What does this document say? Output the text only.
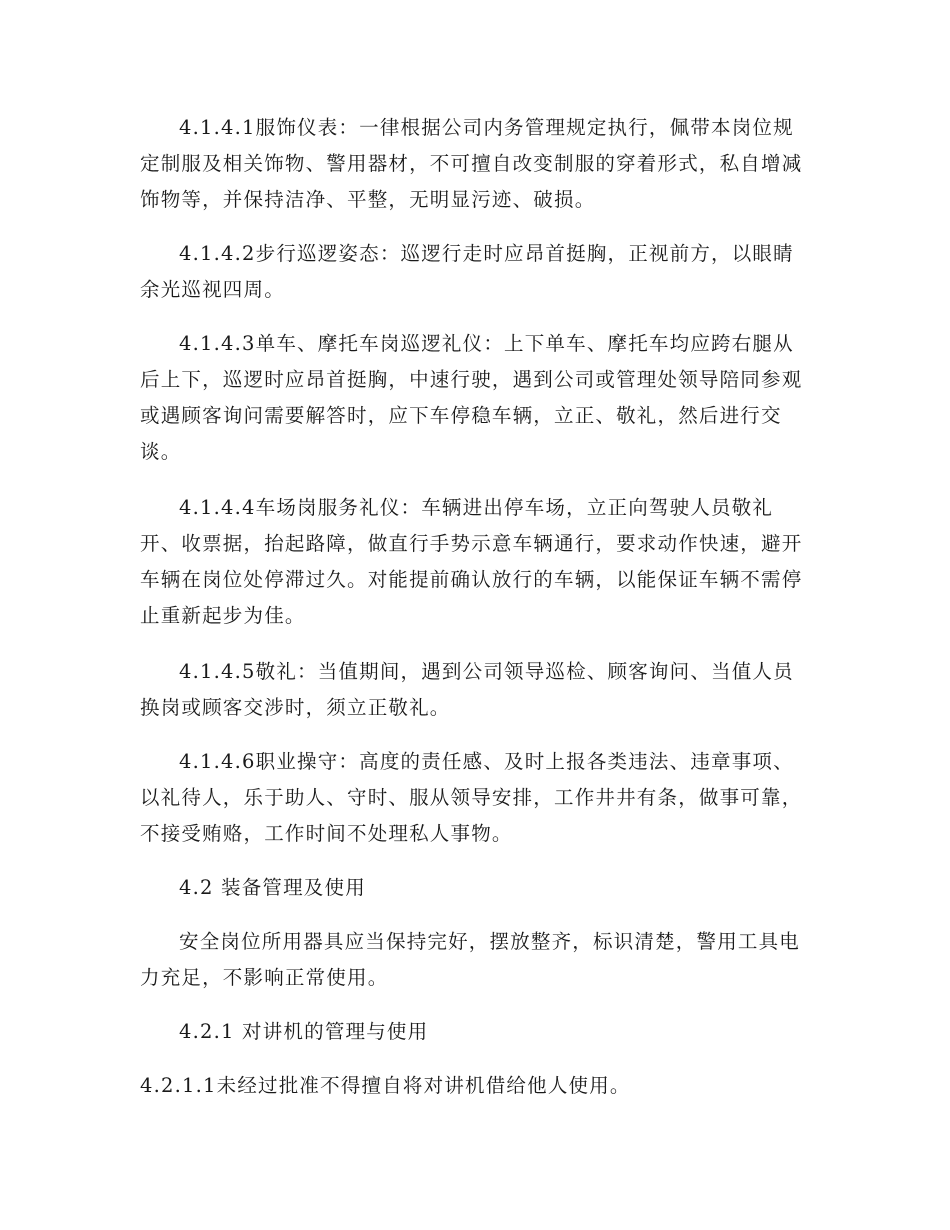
4.1.4.1服饰仪表：一律根据公司内务管理规定执行，佩带本岗位规定制服及相关饰物、警用器材，不可擅自改变制服的穿着形式，私自增减饰物等，并保持洁净、平整，无明显污迹、破损。

4.1.4.2步行巡逻姿态：巡逻行走时应昂首挺胸，正视前方，以眼睛余光巡视四周。

4.1.4.3单车、摩托车岗巡逻礼仪：上下单车、摩托车均应跨右腿从后上下，巡逻时应昂首挺胸，中速行驶，遇到公司或管理处领导陪同参观或遇顾客询问需要解答时，应下车停稳车辆，立正、敬礼，然后进行交谈。

4.1.4.4车场岗服务礼仪：车辆进出停车场，立正向驾驶人员敬礼开、收票据，抬起路障，做直行手势示意车辆通行，要求动作快速，避开车辆在岗位处停滞过久。对能提前确认放行的车辆，以能保证车辆不需停止重新起步为佳。

4.1.4.5敬礼：当值期间，遇到公司领导巡检、顾客询问、当值人员换岗或顾客交涉时，须立正敬礼。

4.1.4.6职业操守：高度的责任感、及时上报各类违法、违章事项、以礼待人，乐于助人、守时、服从领导安排，工作井井有条，做事可靠，不接受贿赂，工作时间不处理私人事物。

4.2 装备管理及使用

安全岗位所用器具应当保持完好，摆放整齐，标识清楚，警用工具电力充足，不影响正常使用。

4.2.1 对讲机的管理与使用

4.2.1.1未经过批准不得擅自将对讲机借给他人使用。
